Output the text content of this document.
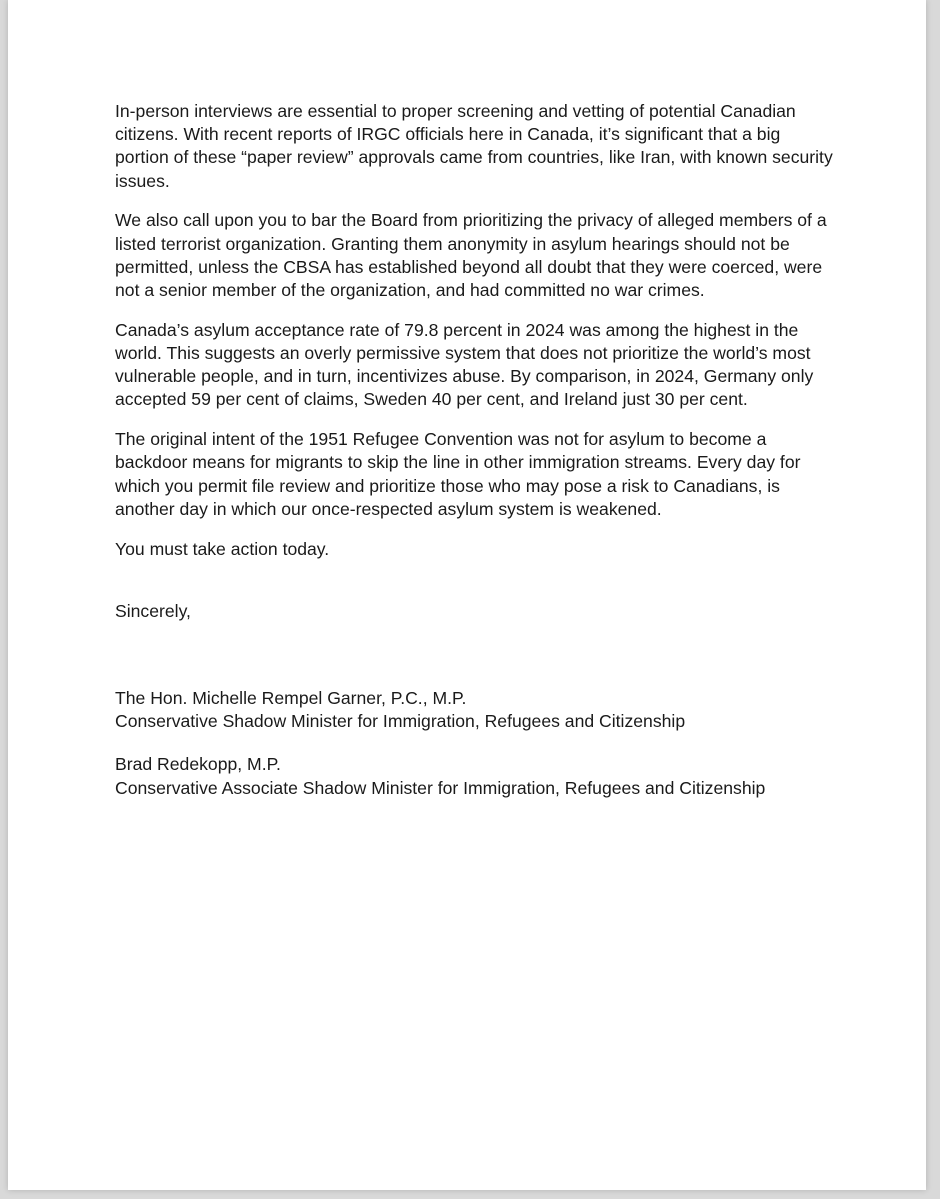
In-person interviews are essential to proper screening and vetting of potential Canadian citizens. With recent reports of IRGC officials here in Canada, it’s significant that a big portion of these “paper review” approvals came from countries, like Iran, with known security issues.

We also call upon you to bar the Board from prioritizing the privacy of alleged members of a listed terrorist organization. Granting them anonymity in asylum hearings should not be permitted, unless the CBSA has established beyond all doubt that they were coerced, were not a senior member of the organization, and had committed no war crimes.

Canada’s asylum acceptance rate of 79.8 percent in 2024 was among the highest in the world. This suggests an overly permissive system that does not prioritize the world’s most vulnerable people, and in turn, incentivizes abuse. By comparison, in 2024, Germany only accepted 59 per cent of claims, Sweden 40 per cent, and Ireland just 30 per cent.

The original intent of the 1951 Refugee Convention was not for asylum to become a backdoor means for migrants to skip the line in other immigration streams. Every day for which you permit file review and prioritize those who may pose a risk to Canadians, is another day in which our once-respected asylum system is weakened.

You must take action today.

Sincerely,

The Hon. Michelle Rempel Garner, P.C., M.P.
Conservative Shadow Minister for Immigration, Refugees and Citizenship
Brad Redekopp, M.P.
Conservative Associate Shadow Minister for Immigration, Refugees and Citizenship
